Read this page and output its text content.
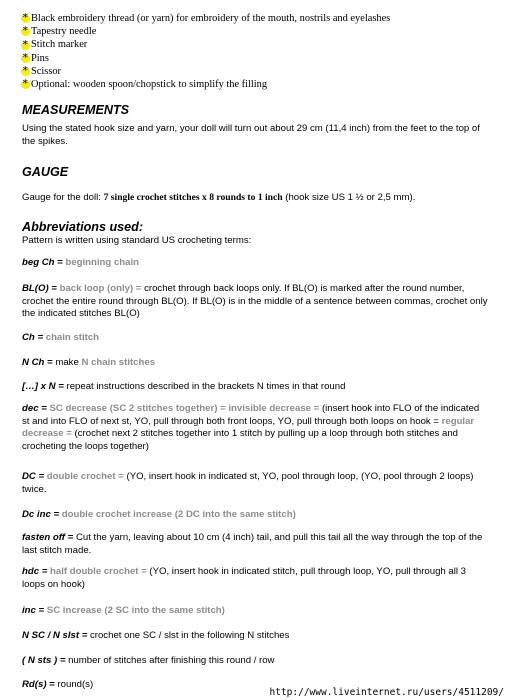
*
Black embroidery thread (or yarn) for embroidery of the mouth, nostrils and eyelashes
*
Tapestry needle
*
Stitch marker
*
Pins
*
Scissor
*
Optional: wooden spoon/chopstick to simplify the filling
MEASUREMENTS

Using the stated hook size and yarn, your doll will turn out about 29 cm (11,4 inch) from the feet to the top of the spikes.

GAUGE

Gauge for the doll: 7 single crochet stitches x 8 rounds to 1 inch (hook size US 1 ½ or 2,5 mm).

Abbreviations used:

Pattern is written using standard US crocheting terms:

beg Ch = beginning chain

BL(O) = back loop (only) = crochet through back loops only. If BL(O) is marked after the round number, crochet the entire round through BL(O). If BL(O) is in the middle of a sentence between commas, crochet only the indicated stitches BL(O)

Ch = chain stitch

N Ch = make N chain stitches

[…] x N = repeat instructions described in the brackets N times in that round

dec = SC decrease (SC 2 stitches together) = invisible decrease = (insert hook into FLO of the indicated st and into FLO of next st, YO, pull through both front loops, YO, pull through both loops on hook = regular decrease = (crochet next 2 stitches together into 1 stitch by pulling up a loop through both stitches and crocheting the loops together)

DC = double crochet = (YO, insert hook in indicated st, YO, pool through loop, (YO, pool through 2 loops) twice.

Dc inc = double crochet increase (2 DC into the same stitch)

fasten off = Cut the yarn, leaving about 10 cm (4 inch) tail, and pull this tail all the way through the top of the last stitch made.

hdc = half double crochet = (YO, insert hook in indicated stitch, pull through loop, YO, pull through all 3 loops on hook)

inc = SC increase (2 SC into the same stitch)

N SC / N slst = crochet one SC / slst in the following N stitches

( N sts ) = number of stitches after finishing this round / row

Rd(s) = round(s)

http://www.liveinternet.ru/users/4511209/
